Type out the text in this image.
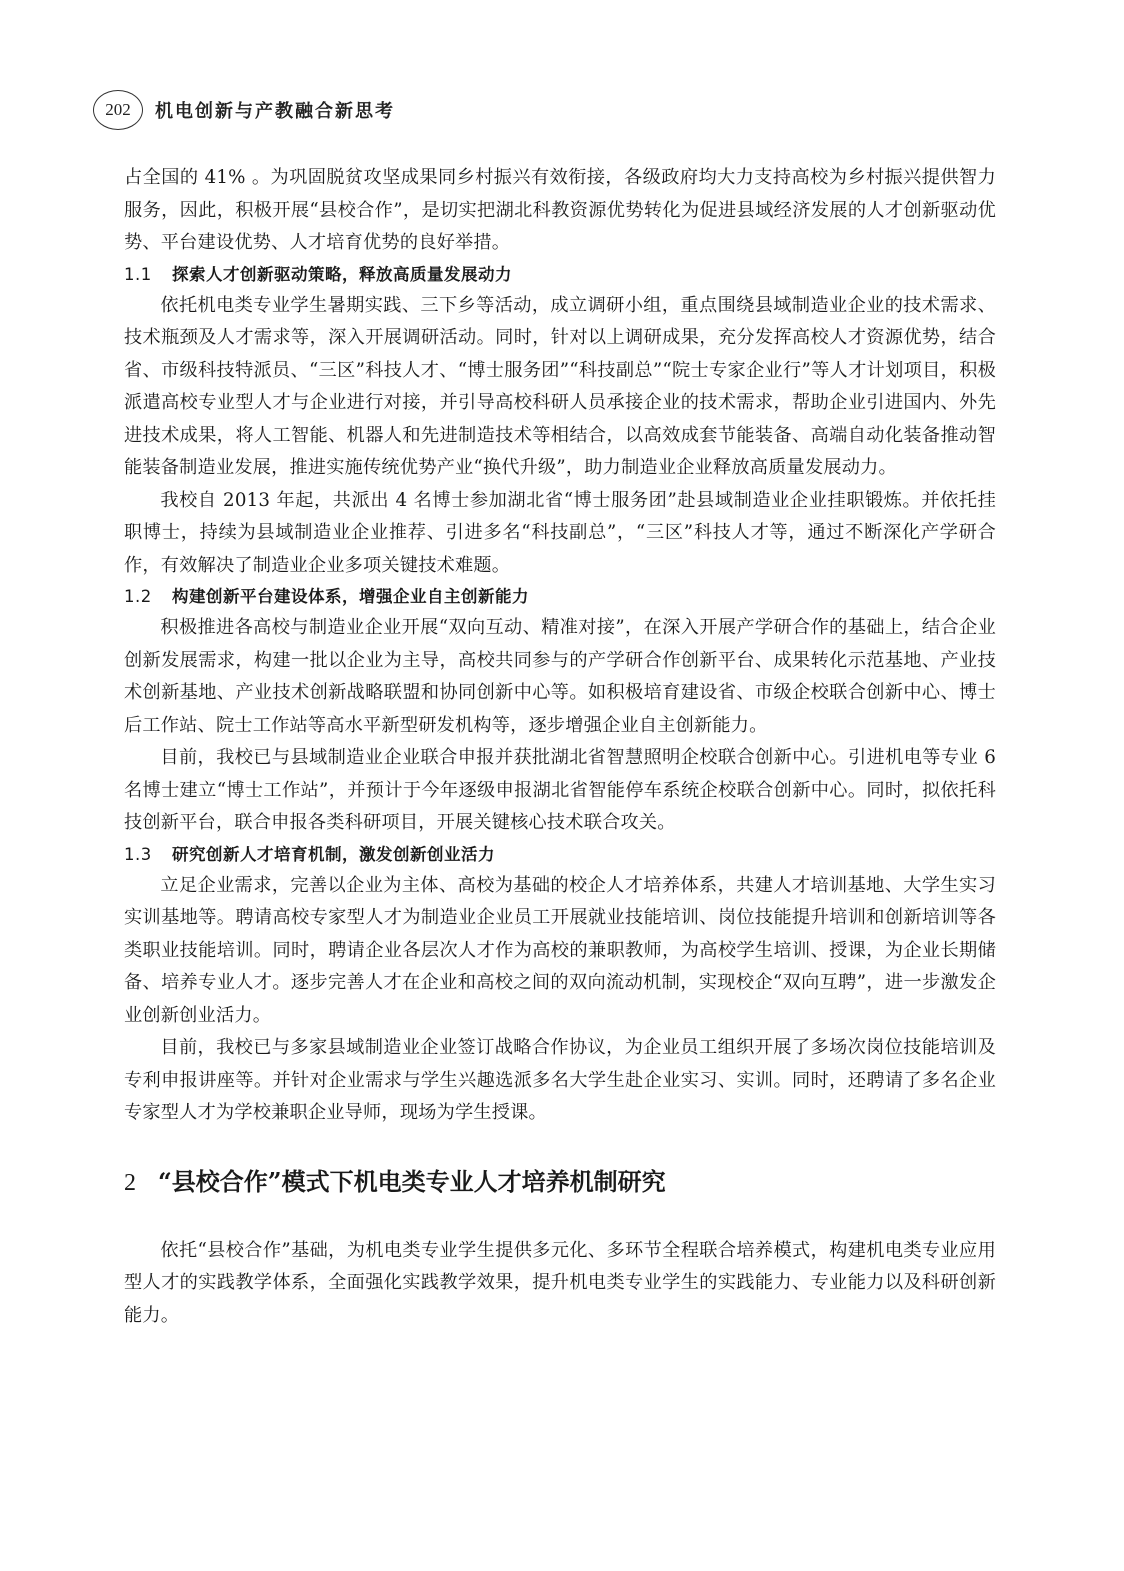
202	机电创新与产教融合新思考

占全国的 41% 。为巩固脱贫攻坚成果同乡村振兴有效衔接，各级政府均大力支持高校为乡村振兴提供智力服务，因此，积极开展“县校合作”，是切实把湖北科教资源优势转化为促进县域经济发展的人才创新驱动优势、平台建设优势、人才培育优势的良好举措。

1.1 探索人才创新驱动策略，释放高质量发展动力

依托机电类专业学生暑期实践、三下乡等活动，成立调研小组，重点围绕县域制造业企业的技术需求、技术瓶颈及人才需求等，深入开展调研活动。同时，针对以上调研成果，充分发挥高校人才资源优势，结合省、市级科技特派员、“三区”科技人才、“博士服务团”“科技副总”“院士专家企业行”等人才计划项目，积极派遣高校专业型人才与企业进行对接，并引导高校科研人员承接企业的技术需求，帮助企业引进国内、外先进技术成果，将人工智能、机器人和先进制造技术等相结合，以高效成套节能装备、高端自动化装备推动智能装备制造业发展，推进实施传统优势产业“换代升级”，助力制造业企业释放高质量发展动力。

我校自 2013 年起，共派出 4 名博士参加湖北省“博士服务团”赴县域制造业企业挂职锻炼。并依托挂职博士，持续为县域制造业企业推荐、引进多名“科技副总”，“三区”科技人才等，通过不断深化产学研合作，有效解决了制造业企业多项关键技术难题。

1.2 构建创新平台建设体系，增强企业自主创新能力

积极推进各高校与制造业企业开展“双向互动、精准对接”，在深入开展产学研合作的基础上，结合企业创新发展需求，构建一批以企业为主导，高校共同参与的产学研合作创新平台、成果转化示范基地、产业技术创新基地、产业技术创新战略联盟和协同创新中心等。如积极培育建设省、市级企校联合创新中心、博士后工作站、院士工作站等高水平新型研发机构等，逐步增强企业自主创新能力。

目前，我校已与县域制造业企业联合申报并获批湖北省智慧照明企校联合创新中心。引进机电等专业 6 名博士建立“博士工作站”，并预计于今年逐级申报湖北省智能停车系统企校联合创新中心。同时，拟依托科技创新平台，联合申报各类科研项目，开展关键核心技术联合攻关。

1.3 研究创新人才培育机制，激发创新创业活力

立足企业需求，完善以企业为主体、高校为基础的校企人才培养体系，共建人才培训基地、大学生实习实训基地等。聘请高校专家型人才为制造业企业员工开展就业技能培训、岗位技能提升培训和创新培训等各类职业技能培训。同时，聘请企业各层次人才作为高校的兼职教师，为高校学生培训、授课，为企业长期储备、培养专业人才。逐步完善人才在企业和高校之间的双向流动机制，实现校企“双向互聘”，进一步激发企业创新创业活力。

目前，我校已与多家县域制造业企业签订战略合作协议，为企业员工组织开展了多场次岗位技能培训及专利申报讲座等。并针对企业需求与学生兴趣选派多名大学生赴企业实习、实训。同时，还聘请了多名企业专家型人才为学校兼职企业导师，现场为学生授课。

2 “县校合作”模式下机电类专业人才培养机制研究

依托“县校合作”基础，为机电类专业学生提供多元化、多环节全程联合培养模式，构建机电类专业应用型人才的实践教学体系，全面强化实践教学效果，提升机电类专业学生的实践能力、专业能力以及科研创新能力。
